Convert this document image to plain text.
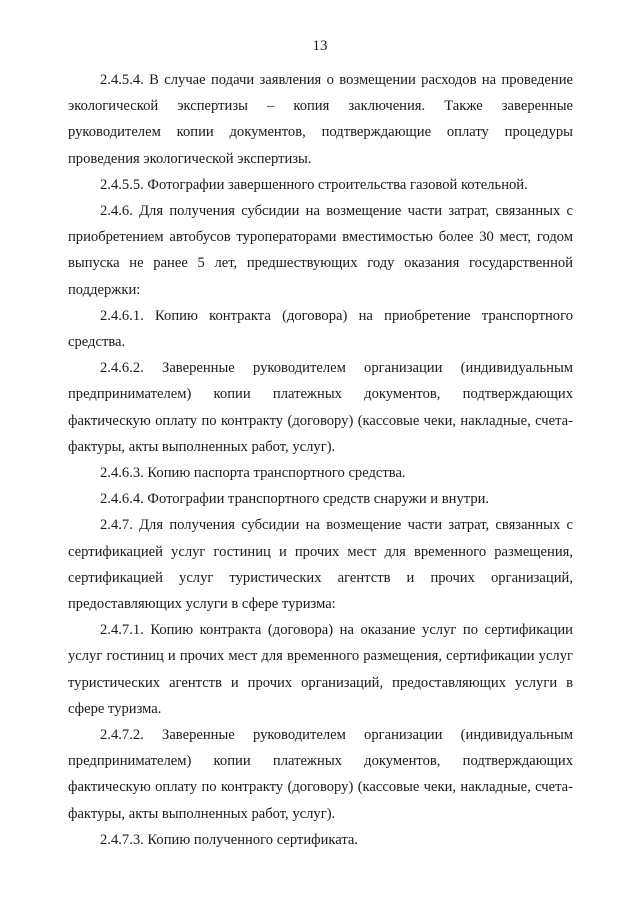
13

2.4.5.4. В случае подачи заявления о возмещении расходов на проведение экологической экспертизы – копия заключения. Также заверенные руководителем копии документов, подтверждающие оплату процедуры проведения экологической экспертизы.

2.4.5.5. Фотографии завершенного строительства газовой котельной.

2.4.6. Для получения субсидии на возмещение части затрат, связанных с приобретением автобусов туроператорами вместимостью более 30 мест, годом выпуска не ранее 5 лет, предшествующих году оказания государственной поддержки:

2.4.6.1. Копию контракта (договора) на приобретение транспортного средства.

2.4.6.2. Заверенные руководителем организации (индивидуальным предпринимателем) копии платежных документов, подтверждающих фактическую оплату по контракту (договору) (кассовые чеки, накладные, счета-фактуры, акты выполненных работ, услуг).

2.4.6.3. Копию паспорта транспортного средства.

2.4.6.4. Фотографии транспортного средств снаружи и внутри.

2.4.7. Для получения субсидии на возмещение части затрат, связанных с сертификацией услуг гостиниц и прочих мест для временного размещения, сертификацией услуг туристических агентств и прочих организаций, предоставляющих услуги в сфере туризма:

2.4.7.1. Копию контракта (договора) на оказание услуг по сертификации услуг гостиниц и прочих мест для временного размещения, сертификации услуг туристических агентств и прочих организаций, предоставляющих услуги в сфере туризма.

2.4.7.2. Заверенные руководителем организации (индивидуальным предпринимателем) копии платежных документов, подтверждающих фактическую оплату по контракту (договору) (кассовые чеки, накладные, счета-фактуры, акты выполненных работ, услуг).

2.4.7.3. Копию полученного сертификата.
